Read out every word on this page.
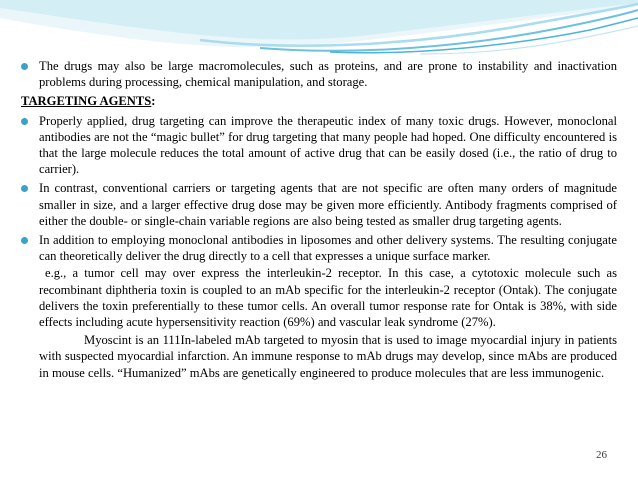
The drugs may also be large macromolecules, such as proteins, and are prone to instability and inactivation problems during processing, chemical manipulation, and storage.
TARGETING AGENTS:
Properly applied, drug targeting can improve the therapeutic index of many toxic drugs. However, monoclonal antibodies are not the “magic bullet” for drug targeting that many people had hoped. One difficulty encountered is that the large molecule reduces the total amount of active drug that can be easily dosed (i.e., the ratio of drug to carrier).
In contrast, conventional carriers or targeting agents that are not specific are often many orders of magnitude smaller in size, and a larger effective drug dose may be given more efficiently. Antibody fragments comprised of either the double- or single-chain variable regions are also being tested as smaller drug targeting agents.
In addition to employing monoclonal antibodies in liposomes and other delivery systems. The resulting conjugate can theoretically deliver the drug directly to a cell that expresses a unique surface marker.

e.g., a tumor cell may over express the interleukin-2 receptor. In this case, a cytotoxic molecule such as recombinant diphtheria toxin is coupled to an mAb specific for the interleukin-2 receptor (Ontak). The conjugate delivers the toxin preferentially to these tumor cells. An overall tumor response rate for Ontak is 38%, with side effects including acute hypersensitivity reaction (69%) and vascular leak syndrome (27%).

Myoscint is an 111In-labeled mAb targeted to myosin that is used to image myocardial injury in patients with suspected myocardial infarction. An immune response to mAb drugs may develop, since mAbs are produced in mouse cells. “Humanized” mAbs are genetically engineered to produce molecules that are less immunogenic.

26
